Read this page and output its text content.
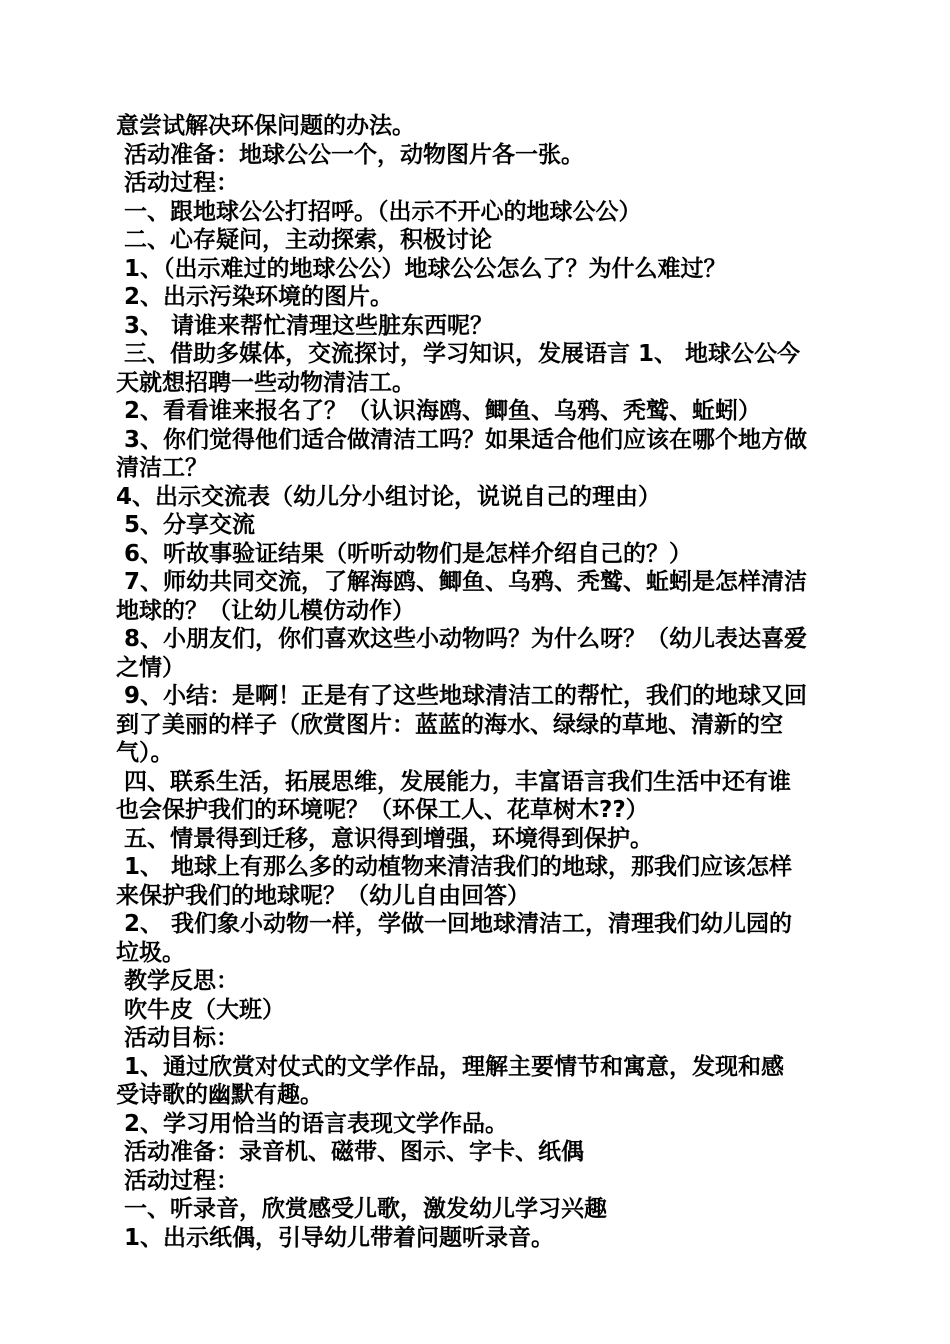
意尝试解决环保问题的办法。
活动准备：地球公公一个，动物图片各一张。
活动过程：
一、跟地球公公打招呼。（出示不开心的地球公公）
二、心存疑问，主动探索，积极讨论
1、（出示难过的地球公公）地球公公怎么了？为什么难过？
2、出示污染环境的图片。
3、 请谁来帮忙清理这些脏东西呢？
三、借助多媒体，交流探讨，学习知识，发展语言 1、 地球公公今
天就想招聘一些动物清洁工。
2、看看谁来报名了？（认识海鸥、鲫鱼、乌鸦、秃鹫、蚯蚓）
3、你们觉得他们适合做清洁工吗？如果适合他们应该在哪个地方做
清洁工？
4、出示交流表（幼儿分小组讨论，说说自己的理由）
5、分享交流
6、听故事验证结果（听听动物们是怎样介绍自己的？）
7、师幼共同交流，了解海鸥、鲫鱼、乌鸦、秃鹫、蚯蚓是怎样清洁
地球的？（让幼儿模仿动作）
8、小朋友们，你们喜欢这些小动物吗？为什么呀？（幼儿表达喜爱
之情）
9、小结：是啊！正是有了这些地球清洁工的帮忙，我们的地球又回
到了美丽的样子（欣赏图片：蓝蓝的海水、绿绿的草地、清新的空
气）。
四、联系生活，拓展思维，发展能力，丰富语言我们生活中还有谁
也会保护我们的环境呢？（环保工人、花草树木??）
五、情景得到迁移，意识得到增强，环境得到保护。
1、 地球上有那么多的动植物来清洁我们的地球，那我们应该怎样
来保护我们的地球呢？（幼儿自由回答）
2、 我们象小动物一样，学做一回地球清洁工，清理我们幼儿园的
垃圾。
教学反思：
吹牛皮（大班）
活动目标：
1、通过欣赏对仗式的文学作品，理解主要情节和寓意，发现和感
受诗歌的幽默有趣。
2、学习用恰当的语言表现文学作品。
活动准备：录音机、磁带、图示、字卡、纸偶
活动过程：
一、听录音，欣赏感受儿歌，激发幼儿学习兴趣
1、出示纸偶，引导幼儿带着问题听录音。
